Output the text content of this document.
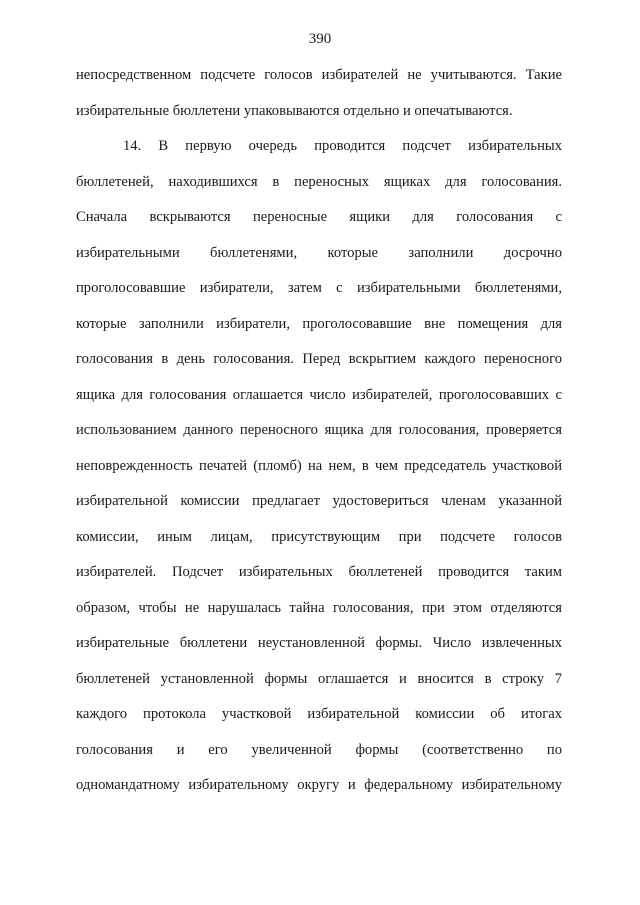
390
непосредственном подсчете голосов избирателей не учитываются. Такие
избирательные бюллетени упаковываются отдельно и опечатываются.
14. В первую очередь проводится подсчет избирательных
бюллетеней, находившихся в переносных ящиках для голосования.
Сначала вскрываются переносные ящики для голосования с
избирательными бюллетенями, которые заполнили досрочно
проголосовавшие избиратели, затем с избирательными бюллетенями,
которые заполнили избиратели, проголосовавшие вне помещения для
голосования в день голосования. Перед вскрытием каждого переносного
ящика для голосования оглашается число избирателей, проголосовавших с
использованием данного переносного ящика для голосования, проверяется
неповрежденность печатей (пломб) на нем, в чем председатель участковой
избирательной комиссии предлагает удостовериться членам указанной
комиссии, иным лицам, присутствующим при подсчете голосов
избирателей. Подсчет избирательных бюллетеней проводится таким
образом, чтобы не нарушалась тайна голосования, при этом отделяются
избирательные бюллетени неустановленной формы. Число извлеченных
бюллетеней установленной формы оглашается и вносится в строку 7
каждого протокола участковой избирательной комиссии об итогах
голосования и его увеличенной формы (соответственно по
одномандатному избирательному округу и федеральному избирательному
